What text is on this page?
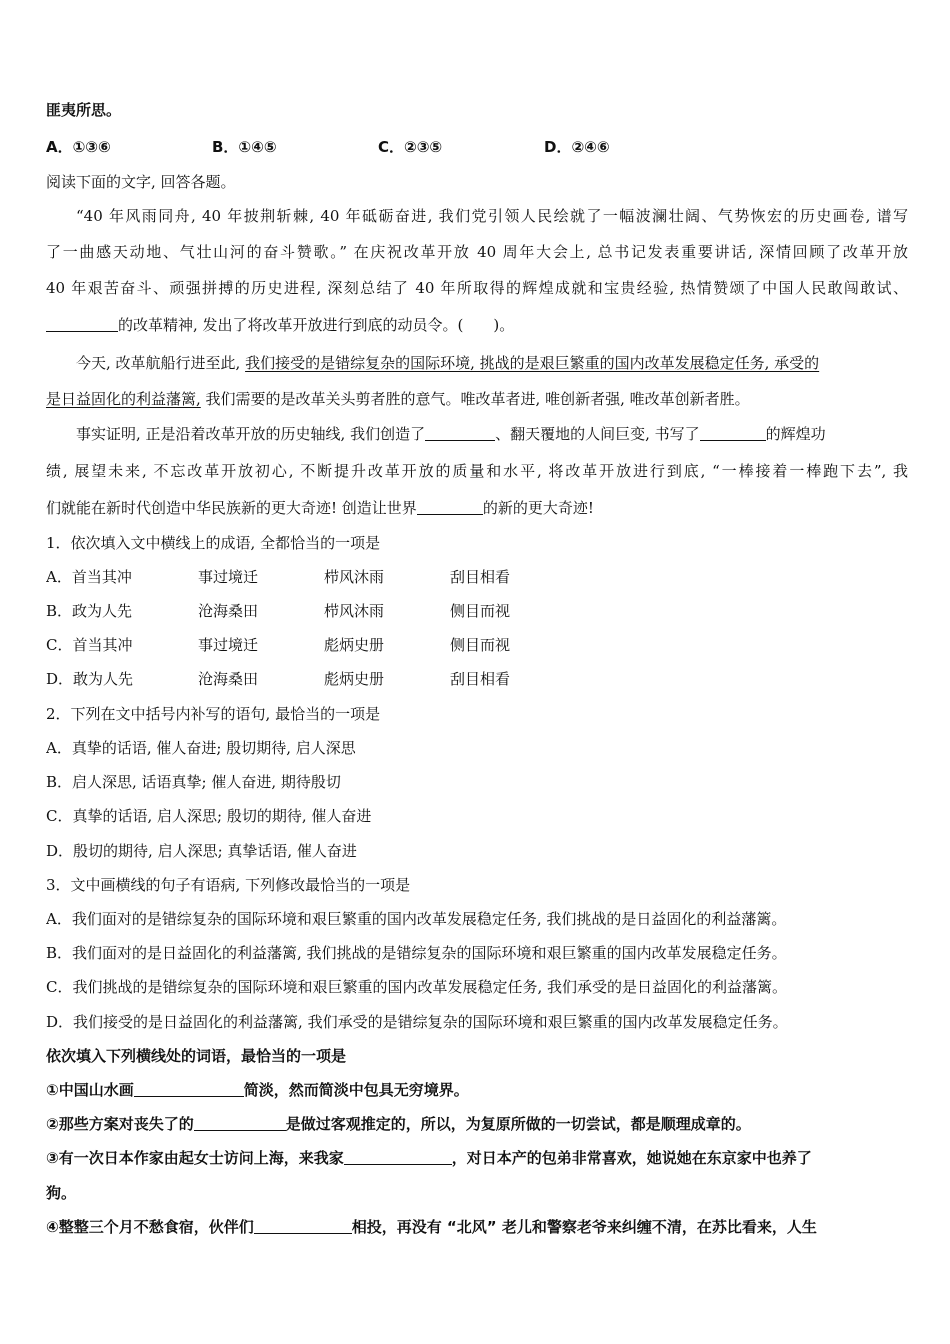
匪夷所思。
A．①③⑥	B．①④⑤	C．②③⑤	D．②④⑥
阅读下面的文字, 回答各题。
“40 年风雨同舟, 40 年披荆斩棘, 40 年砥砺奋进, 我们党引领人民绘就了一幅波澜壮阔、气势恢宏的历史画卷, 谱写
了一曲感天动地、气壮山河的奋斗赞歌。” 在庆祝改革开放 40 周年大会上, 总书记发表重要讲话, 深情回顾了改革开放
40 年艰苦奋斗、顽强拼搏的历史进程, 深刻总结了 40 年所取得的辉煌成就和宝贵经验, 热情赞颂了中国人民敢闯敢试、
的改革精神, 发出了将改革开放进行到底的动员令。(　　)。
今天, 改革航船行进至此, 我们接受的是错综复杂的国际环境, 挑战的是艰巨繁重的国内改革发展稳定任务, 承受的
是日益固化的利益藩篱, 我们需要的是改革关头剪者胜的意气。唯改革者进, 唯创新者强, 唯改革创新者胜。
事实证明, 正是沿着改革开放的历史轴线, 我们创造了	、翻天覆地的人间巨变, 书写了	的辉煌功
绩, 展望未来, 不忘改革开放初心, 不断提升改革开放的质量和水平, 将改革开放进行到底, “一棒接着一棒跑下去”, 我
们就能在新时代创造中华民族新的更大奇迹! 创造让世界	的新的更大奇迹!
1．依次填入文中横线上的成语, 全都恰当的一项是
A．首当其冲	事过境迁	栉风沐雨	刮目相看
B．政为人先	沧海桑田	栉风沐雨	侧目而视
C．首当其冲	事过境迁	彪炳史册	侧目而视
D．敢为人先	沧海桑田	彪炳史册	刮目相看
2．下列在文中括号内补写的语句, 最恰当的一项是
A．真挚的话语, 催人奋进; 殷切期待, 启人深思
B．启人深思, 话语真挚; 催人奋进, 期待殷切
C．真挚的话语, 启人深思; 殷切的期待, 催人奋进
D．殷切的期待, 启人深思; 真挚话语, 催人奋进
3．文中画横线的句子有语病, 下列修改最恰当的一项是
A．我们面对的是错综复杂的国际环境和艰巨繁重的国内改革发展稳定任务, 我们挑战的是日益固化的利益藩篱。
B．我们面对的是日益固化的利益藩篱, 我们挑战的是错综复杂的国际环境和艰巨繁重的国内改革发展稳定任务。
C．我们挑战的是错综复杂的国际环境和艰巨繁重的国内改革发展稳定任务, 我们承受的是日益固化的利益藩篱。
D．我们接受的是日益固化的利益藩篱, 我们承受的是错综复杂的国际环境和艰巨繁重的国内改革发展稳定任务。
依次填入下列横线处的词语，最恰当的一项是
①中国山水画	简淡，然而简淡中包具无穷境界。
②那些方案对丧失了的	是做过客观推定的，所以，为复原所做的一切尝试，都是顺理成章的。
③有一次日本作家由起女士访问上海，来我家	，对日本产的包弟非常喜欢，她说她在东京家中也养了
狗。
④整整三个月不愁食宿，伙伴们	相投，再没有 “北风” 老儿和警察老爷来纠缠不清，在苏比看来，人生
